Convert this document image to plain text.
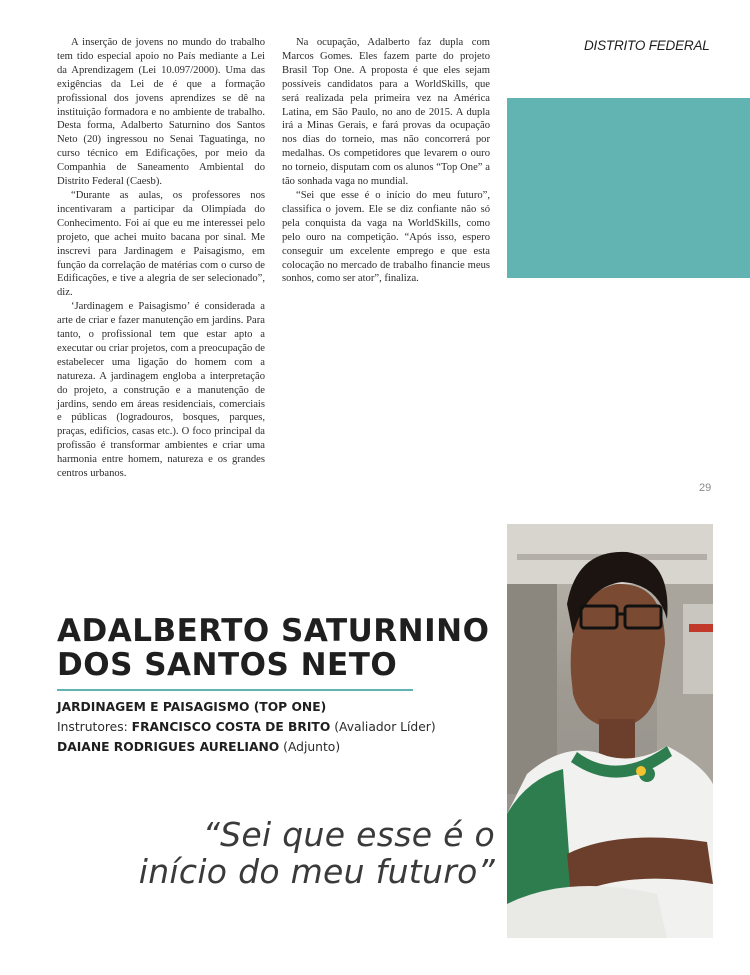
DISTRITO FEDERAL

A inserção de jovens no mundo do trabalho tem tido especial apoio no País mediante a Lei da Aprendizagem (Lei 10.097/2000). Uma das exigências da Lei de é que a formação profissional dos jovens aprendizes se dê na instituição formadora e no ambiente de trabalho. Desta forma, Adalberto Saturnino dos Santos Neto (20) ingressou no Senai Taguatinga, no curso técnico em Edificações, por meio da Companhia de Saneamento Ambiental do Distrito Federal (Caesb).

“Durante as aulas, os professores nos incentivaram a participar da Olimpíada do Conhecimento. Foi aí que eu me interessei pelo projeto, que achei muito bacana por sinal. Me inscrevi para Jardinagem e Paisagismo, em função da correlação de matérias com o curso de Edificações, e tive a alegria de ser selecionado”, diz.

‘Jardinagem e Paisagismo’ é considerada a arte de criar e fazer manutenção em jardins. Para tanto, o profissional tem que estar apto a executar ou criar projetos, com a preocupação de estabelecer uma ligação do homem com a natureza. A jardinagem engloba a interpretação do projeto, a construção e a manutenção de jardins, sendo em áreas residenciais, comerciais e públicas (logradouros, bosques, parques, praças, edifícios, casas etc.). O foco principal da profissão é transformar ambientes e criar uma harmonia entre homem, natureza e os grandes centros urbanos.

Na ocupação, Adalberto faz dupla com Marcos Gomes. Eles fazem parte do projeto Brasil Top One. A proposta é que eles sejam possíveis candidatos para a WorldSkills, que será realizada pela primeira vez na América Latina, em São Paulo, no ano de 2015. A dupla irá a Minas Gerais, e fará provas da ocupação nos dias do torneio, mas não concorrerá por medalhas. Os competidores que levarem o ouro no torneio, disputam com os alunos “Top One” a tão sonhada vaga no mundial.

“Sei que esse é o início do meu futuro”, classifica o jovem. Ele se diz confiante não só pela conquista da vaga na WorldSkills, como pelo ouro na competição. “Após isso, espero conseguir um excelente emprego e que esta colocação no mercado de trabalho financie meus sonhos, como ser ator”, finaliza.

29
ADALBERTO SATURNINO
DOS SANTOS NETO
JARDINAGEM E PAISAGISMO (TOP ONE)
Instrutores: FRANCISCO COSTA DE BRITO (Avaliador Líder)
DAIANE RODRIGUES AURELIANO (Adjunto)
“Sei que esse é o
início do meu futuro”
